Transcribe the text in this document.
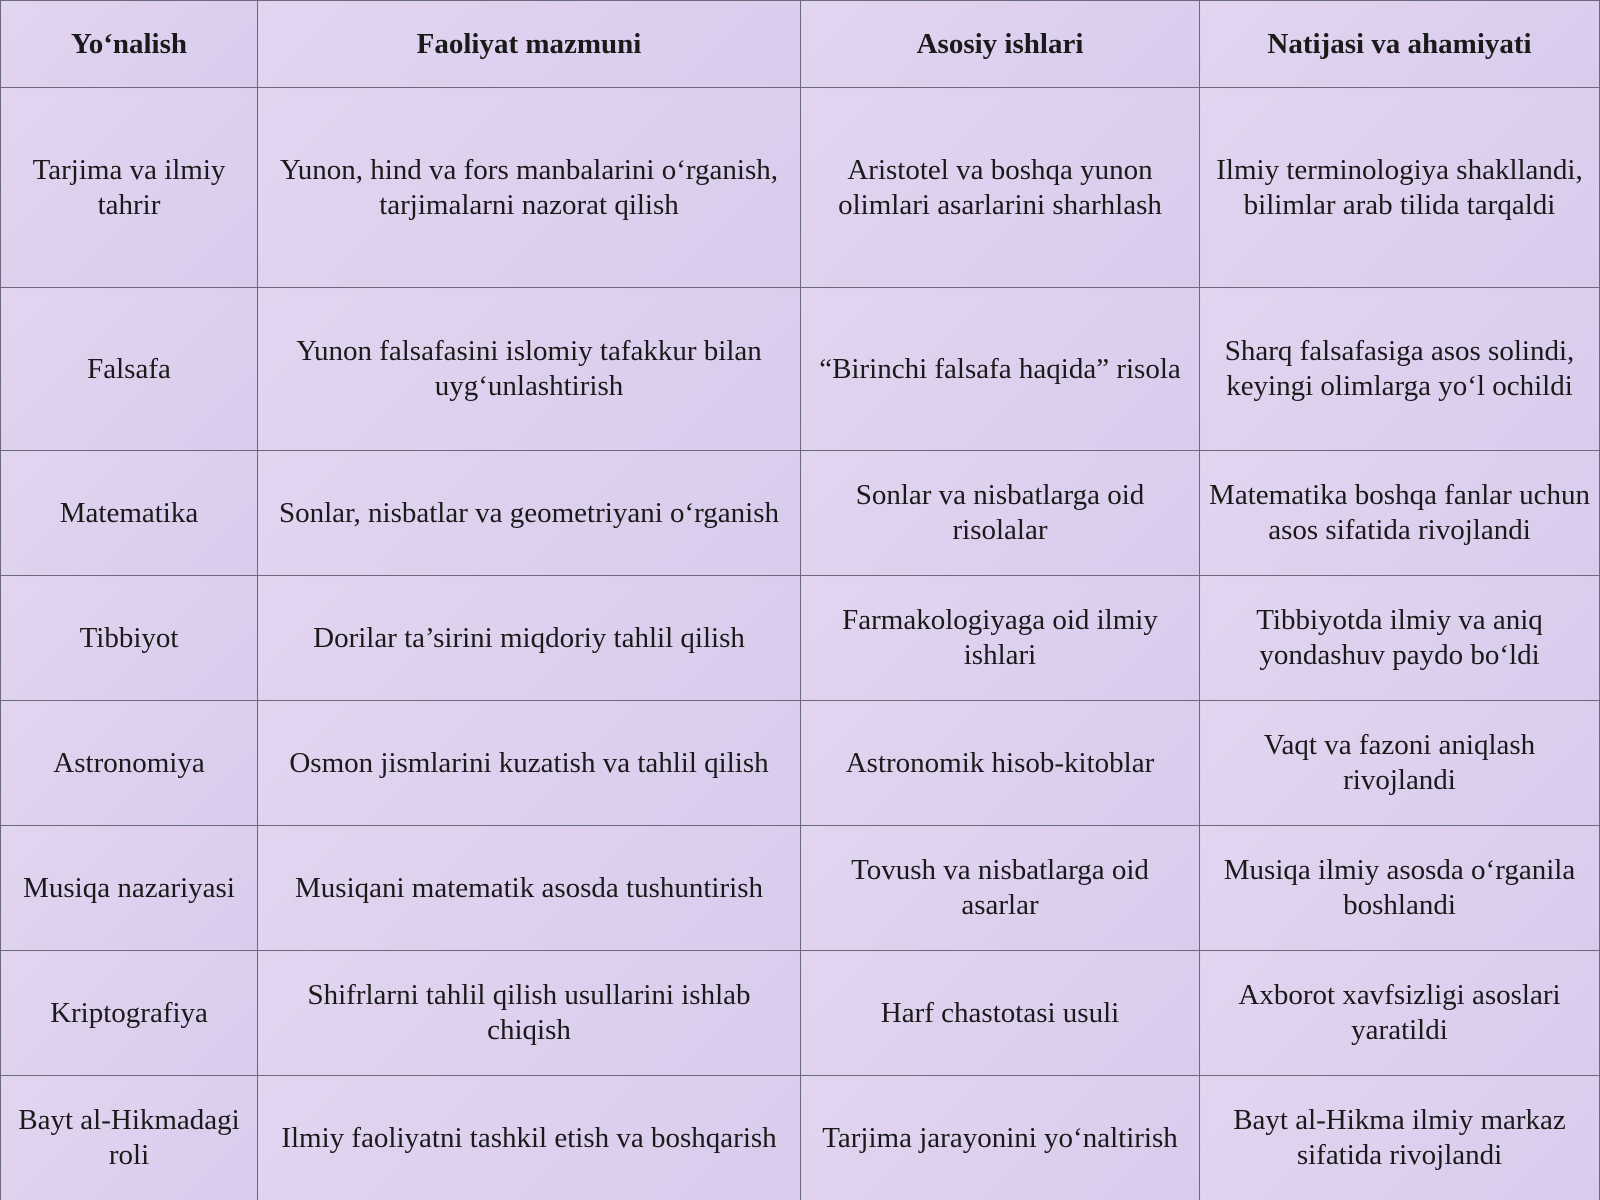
Yo‘nalish	Faoliyat mazmuni	Asosiy ishlari	Natijasi va ahamiyati
Tarjima va ilmiy tahrir	Yunon, hind va fors manbalarini o‘rganish, tarjimalarni nazorat qilish	Aristotel va boshqa yunon olimlari asarlarini sharhlash	Ilmiy terminologiya shakllandi, bilimlar arab tilida tarqaldi
Falsafa	Yunon falsafasini islomiy tafakkur bilan uyg‘unlashtirish	“Birinchi falsafa haqida” risola	Sharq falsafasiga asos solindi, keyingi olimlarga yo‘l ochildi
Matematika	Sonlar, nisbatlar va geometriyani o‘rganish	Sonlar va nisbatlarga oid risolalar	Matematika boshqa fanlar uchun asos sifatida rivojlandi
Tibbiyot	Dorilar ta’sirini miqdoriy tahlil qilish	Farmakologiyaga oid ilmiy ishlari	Tibbiyotda ilmiy va aniq yondashuv paydo bo‘ldi
Astronomiya	Osmon jismlarini kuzatish va tahlil qilish	Astronomik hisob-kitoblar	Vaqt va fazoni aniqlash rivojlandi
Musiqa nazariyasi	Musiqani matematik asosda tushuntirish	Tovush va nisbatlarga oid asarlar	Musiqa ilmiy asosda o‘rganila boshlandi
Kriptografiya	Shifrlarni tahlil qilish usullarini ishlab chiqish	Harf chastotasi usuli	Axborot xavfsizligi asoslari yaratildi
Bayt al-Hikmadagi roli	Ilmiy faoliyatni tashkil etish va boshqarish	Tarjima jarayonini yo‘naltirish	Bayt al-Hikma ilmiy markaz sifatida rivojlandi
